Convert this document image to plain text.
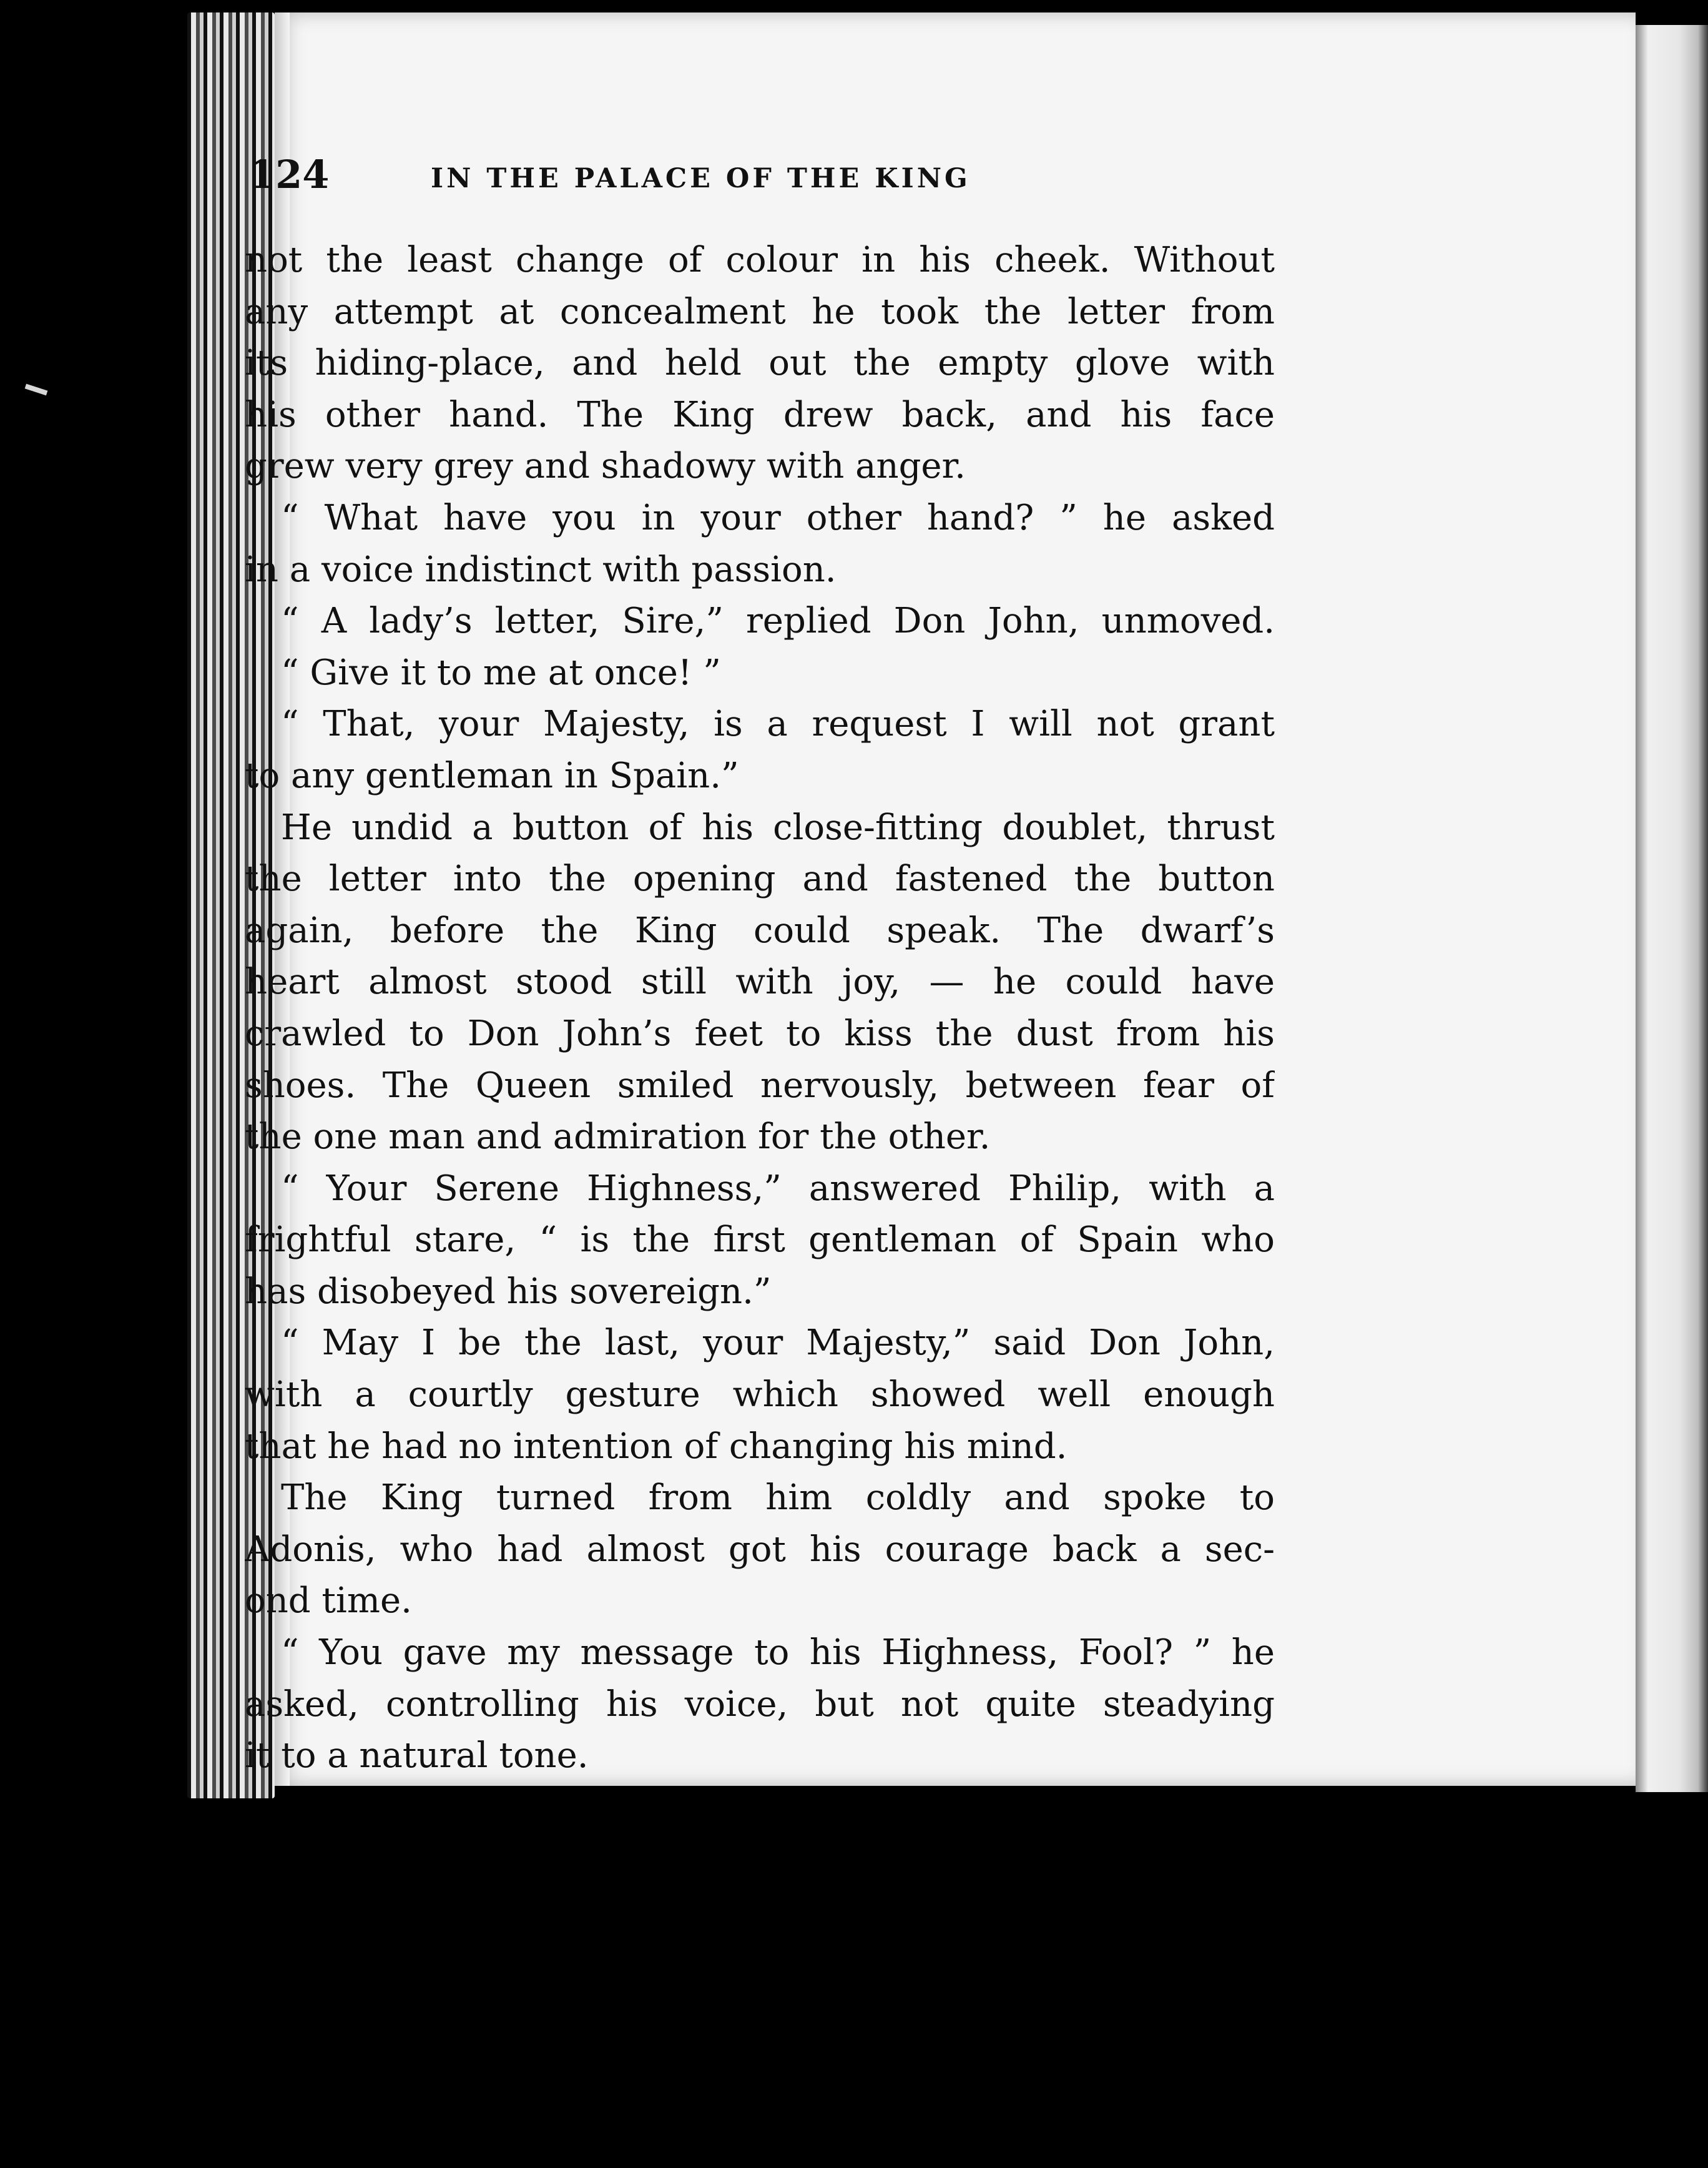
124	IN THE PALACE OF THE KING
not the least change of colour in his cheek. Without
any attempt at concealment he took the letter from
its hiding-place, and held out the empty glove with
his other hand. The King drew back, and his face
grew very grey and shadowy with anger.
“ What have you in your other hand? ” he asked
in a voice indistinct with passion.
“ A lady’s letter, Sire,” replied Don John, unmoved.
“ Give it to me at once! ”
“ That, your Majesty, is a request I will not grant
to any gentleman in Spain.”
He undid a button of his close-fitting doublet, thrust
the letter into the opening and fastened the button
again, before the King could speak. The dwarf’s
heart almost stood still with joy, — he could have
crawled to Don John’s feet to kiss the dust from his
shoes. The Queen smiled nervously, between fear of
the one man and admiration for the other.
“ Your Serene Highness,” answered Philip, with a
frightful stare, “ is the first gentleman of Spain who
has disobeyed his sovereign.”
“ May I be the last, your Majesty,” said Don John,
with a courtly gesture which showed well enough
that he had no intention of changing his mind.
The King turned from him coldly and spoke to
Adonis, who had almost got his courage back a sec-
ond time.
“ You gave my message to his Highness, Fool? ” he
asked, controlling his voice, but not quite steadying
it to a natural tone.
